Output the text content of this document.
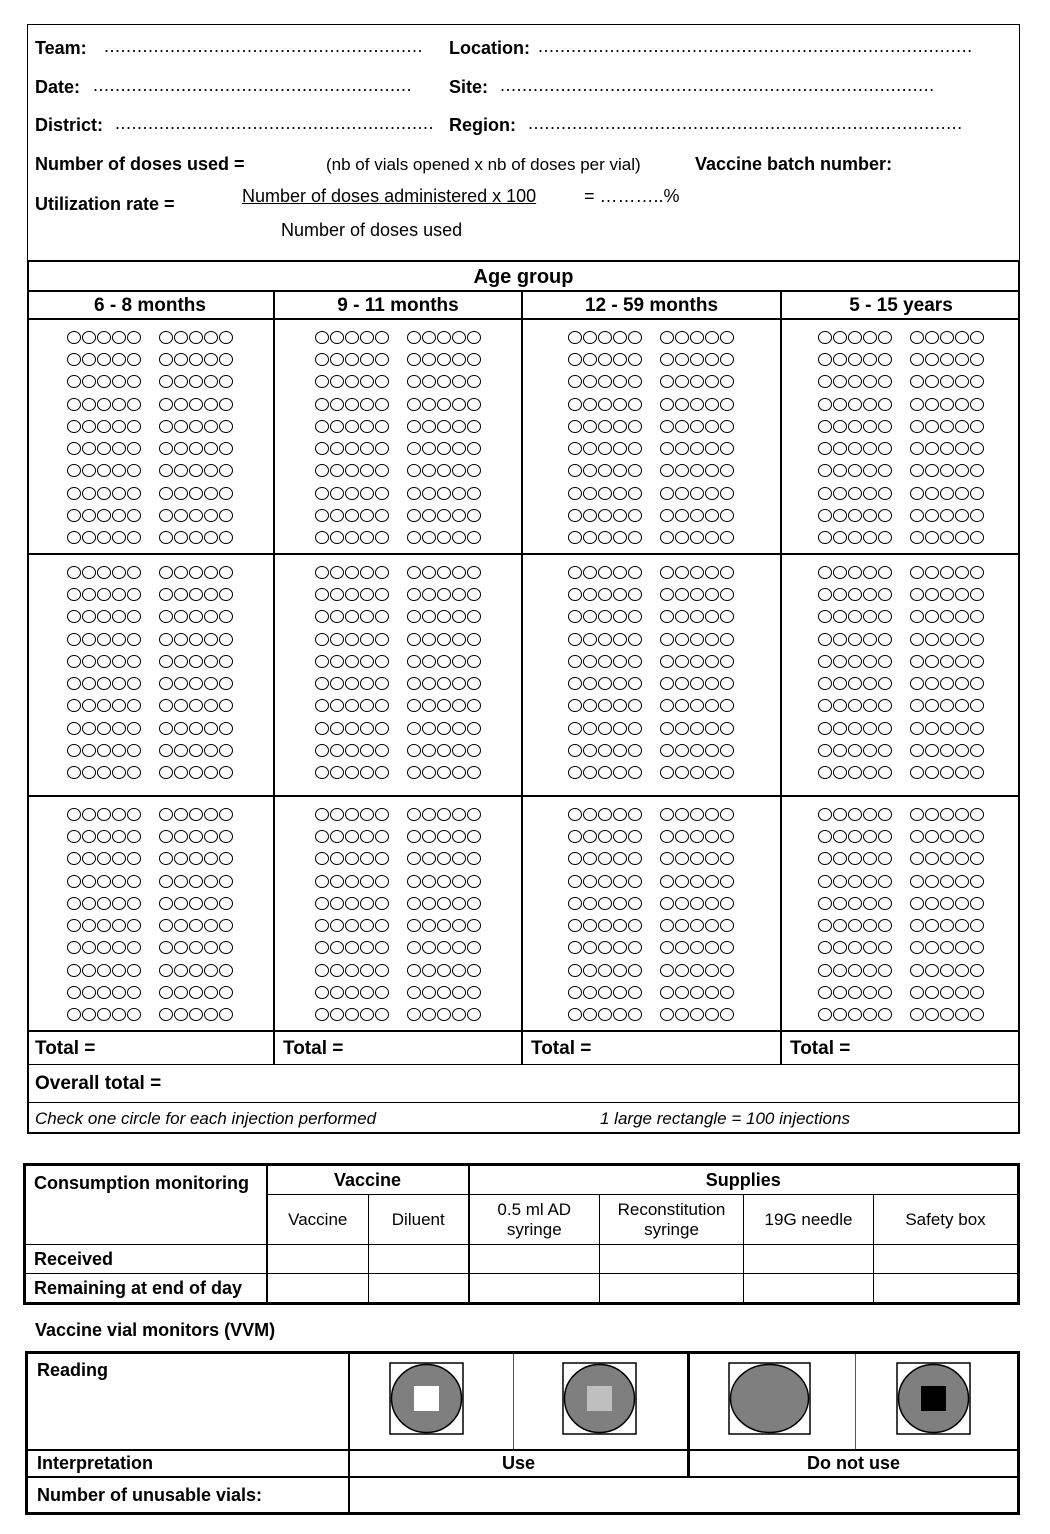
Team: .......................................................... Location: ...............................................................................
Date: .......................................................... Site: ...............................................................................
District: .......................................................... Region: ...............................................................................
Number of doses used =	(nb of vials opened x nb of doses per vial)	Vaccine batch number:
Utilization rate =	Number of doses administered x 100	= ………..%
Number of doses used
Age group
6 - 8 months	9 - 11 months	12 - 59 months	5 - 15 years
Total =	Total =	Total =	Total =
Overall total =
Check one circle for each injection performed	1 large rectangle = 100 injections
Consumption monitoring	Vaccine		Supplies			
	Vaccine	Diluent	0.5 ml AD syringe	Reconstitution syringe	19G needle	Safety box
Received						
Remaining at end of day						
Vaccine vial monitors (VVM)
Reading
Interpretation	Use	Do not use
Number of unusable vials:
